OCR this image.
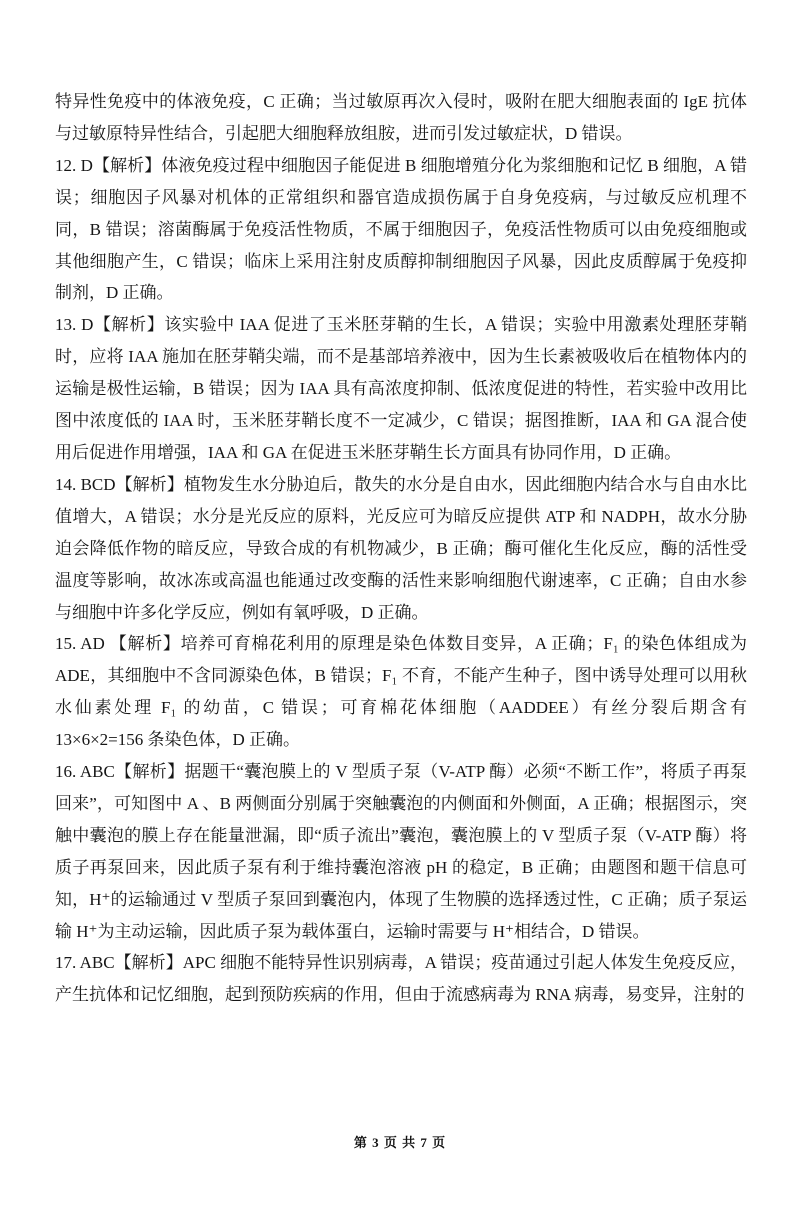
特异性免疫中的体液免疫，C 正确；当过敏原再次入侵时，吸附在肥大细胞表面的 IgE 抗体与过敏原特异性结合，引起肥大细胞释放组胺，进而引发过敏症状，D 错误。

12. D【解析】体液免疫过程中细胞因子能促进 B 细胞增殖分化为浆细胞和记忆 B 细胞，A 错误；细胞因子风暴对机体的正常组织和器官造成损伤属于自身免疫病，与过敏反应机理不同，B 错误；溶菌酶属于免疫活性物质，不属于细胞因子，免疫活性物质可以由免疫细胞或其他细胞产生，C 错误；临床上采用注射皮质醇抑制细胞因子风暴，因此皮质醇属于免疫抑制剂，D 正确。

13. D【解析】该实验中 IAA 促进了玉米胚芽鞘的生长，A 错误；实验中用激素处理胚芽鞘时，应将 IAA 施加在胚芽鞘尖端，而不是基部培养液中，因为生长素被吸收后在植物体内的运输是极性运输，B 错误；因为 IAA 具有高浓度抑制、低浓度促进的特性，若实验中改用比图中浓度低的 IAA 时，玉米胚芽鞘长度不一定减少，C 错误；据图推断，IAA 和 GA 混合使用后促进作用增强，IAA 和 GA 在促进玉米胚芽鞘生长方面具有协同作用，D 正确。

14. BCD【解析】植物发生水分胁迫后，散失的水分是自由水，因此细胞内结合水与自由水比值增大，A 错误；水分是光反应的原料，光反应可为暗反应提供 ATP 和 NADPH，故水分胁迫会降低作物的暗反应，导致合成的有机物减少，B 正确；酶可催化生化反应，酶的活性受温度等影响，故冰冻或高温也能通过改变酶的活性来影响细胞代谢速率，C 正确；自由水参与细胞中许多化学反应，例如有氧呼吸，D 正确。

15. AD 【解析】培养可育棉花利用的原理是染色体数目变异，A 正确；F₁ 的染色体组成为 ADE，其细胞中不含同源染色体，B 错误；F₁ 不育，不能产生种子，图中诱导处理可以用秋水仙素处理 F₁ 的幼苗，C 错误；可育棉花体细胞（AADDEE）有丝分裂后期含有 13×6×2=156 条染色体，D 正确。

16. ABC【解析】据题干“囊泡膜上的 V 型质子泵（V-ATP 酶）必须“不断工作”，将质子再泵回来”，可知图中 A 、B 两侧面分别属于突触囊泡的内侧面和外侧面，A 正确；根据图示，突触中囊泡的膜上存在能量泄漏，即“质子流出”囊泡，囊泡膜上的 V 型质子泵（V-ATP 酶）将质子再泵回来，因此质子泵有利于维持囊泡溶液 pH 的稳定，B 正确；由题图和题干信息可知，H⁺的运输通过 V 型质子泵回到囊泡内，体现了生物膜的选择透过性，C 正确；质子泵运输 H⁺为主动运输，因此质子泵为载体蛋白，运输时需要与 H⁺相结合，D 错误。

17. ABC【解析】APC 细胞不能特异性识别病毒，A 错误；疫苗通过引起人体发生免疫反应，产生抗体和记忆细胞，起到预防疾病的作用，但由于流感病毒为 RNA 病毒，易变异，注射的

第 3 页 共 7 页
